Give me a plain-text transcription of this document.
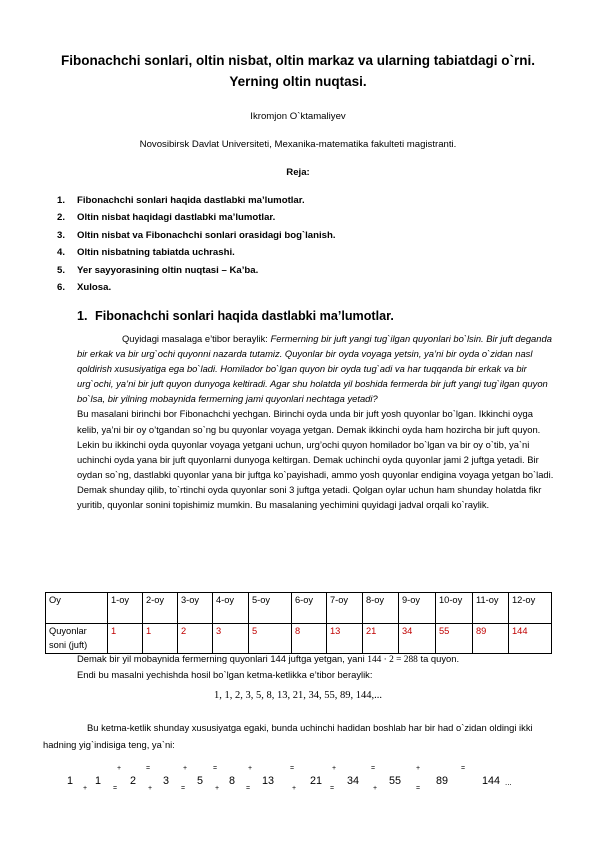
Fibonachchi sonlari, oltin nisbat, oltin markaz va ularning tabiatdagi o`rni. Yerning oltin nuqtasi.
Ikromjon O`ktamaliyev
Novosibirsk Davlat Universiteti, Mexanika-matematika fakulteti magistranti.
Reja:
1. Fibonachchi sonlari haqida dastlabki ma’lumotlar.
2. Oltin nisbat haqidagi dastlabki ma’lumotlar.
3. Oltin nisbat va Fibonachchi sonlari orasidagi bog`lanish.
4. Oltin nisbatning tabiatda uchrashi.
5. Yer sayyorasining oltin nuqtasi – Ka’ba.
6. Xulosa.
1. Fibonachchi sonlari haqida dastlabki ma’lumotlar.

Quyidagi masalaga e’tibor beraylik: Fermerning bir juft yangi tug`ilgan quyonlari bo`lsin. Bir juft deganda bir erkak va bir urg`ochi quyonni nazarda tutamiz. Quyonlar bir oyda voyaga yetsin, ya’ni bir oyda o`zidan nasl qoldirish xususiyatiga ega bo`ladi. Homilador bo`lgan quyon bir oyda tug`adi va har tuqqanda bir erkak va bir urg`ochi, ya’ni bir juft quyon dunyoga keltiradi. Agar shu holatda yil boshida fermerda bir juft yangi tug`ilgan quyon bo`lsa, bir yilning mobaynida fermerning jami quyonlari nechtaga yetadi?

Bu masalani birinchi bor Fibonachchi yechgan. Birinchi oyda unda bir juft yosh quyonlar bo`lgan. Ikkinchi oyga kelib, ya’ni bir oy o’tgandan so`ng bu quyonlar voyaga yetgan. Demak ikkinchi oyda ham hozircha bir juft quyon. Lekin bu ikkinchi oyda quyonlar voyaga yetgani uchun, urg’ochi quyon homilador bo`lgan va bir oy o`tib, ya`ni uchinchi oyda yana bir juft quyonlarni dunyoga keltirgan. Demak uchinchi oyda quyonlar jami 2 juftga yetadi. Bir oydan so`ng, dastlabki quyonlar yana bir juftga ko`payishadi, ammo yosh quyonlar endigina voyaga yetgan bo`ladi. Demak shunday qilib, to`rtinchi oyda quyonlar soni 3 juftga yetadi. Qolgan oylar uchun ham shunday holatda fikr yuritib, quyonlar sonini topishimiz mumkin. Bu masalaning yechimini quyidagi jadval orqali ko`raylik.

Oy	1-oy	2-oy	3-oy	4-oy	5-oy	6-oy	7-oy	8-oy	9-oy	10-oy	11-oy	12-oy
Quyonlar soni (juft)	1	1	2	3	5	8	13	21	34	55	89	144
Demak bir yil mobaynida fermerning quyonlari 144 juftga yetgan, yani 144 · 2 = 288 ta quyon.
Endi bu masalni yechishda hosil bo`lgan ketma-ketlikka e’tibor beraylik:
1, 1, 2, 3, 5, 8, 13, 21, 34, 55, 89, 144,...
Bu ketma-ketlik shunday xususiyatga egaki, bunda uchinchi hadidan boshlab har bir had o`zidan oldingi ikki hadning yig`indisiga teng, ya`ni:
1 1	2 3	5 8 13	21 34	55	89	144 ...
+	=
+	=
+	=
+	=
+	=
+	=
+	=
+	=
+	=
+	=
